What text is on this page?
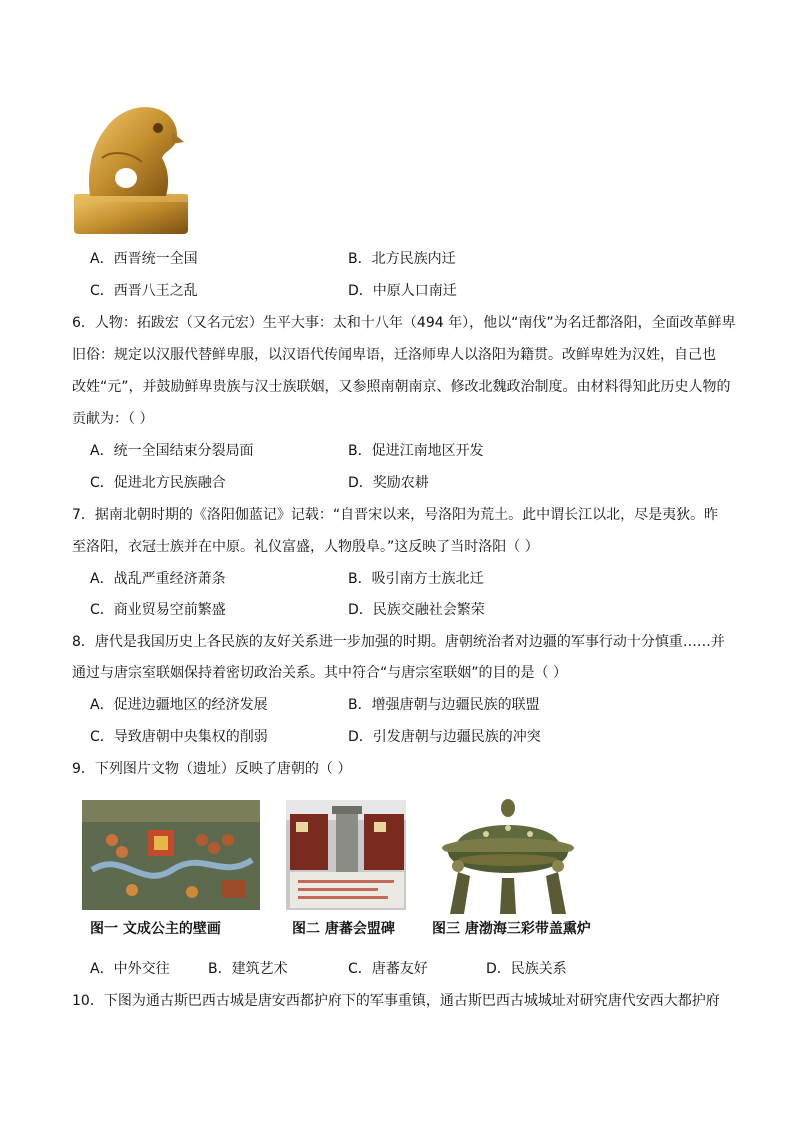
A．西晋统一全国	B．北方民族内迁
C．西晋八王之乱	D．中原人口南迁
6．人物：拓跋宏（又名元宏）生平大事：太和十八年（494 年），他以“南伐”为名迁都洛阳，全面改革鲜卑
旧俗：规定以汉服代替鲜卑服，以汉语代传闻卑语，迁洛师卑人以洛阳为籍贯。改鲜卑姓为汉姓，自己也
改姓“元”，并鼓励鲜卑贵族与汉士族联姻，又参照南朝南京、修改北魏政治制度。由材料得知此历史人物的
贡献为：（ ）
A．统一全国结束分裂局面	B．促进江南地区开发
C．促进北方民族融合	D．奖励农耕
7．据南北朝时期的《洛阳伽蓝记》记载：“自晋宋以来，号洛阳为荒土。此中谓长江以北，尽是夷狄。昨
至洛阳，衣冠士族并在中原。礼仪富盛，人物殷阜。”这反映了当时洛阳（ ）
A．战乱严重经济萧条	B．吸引南方士族北迁
C．商业贸易空前繁盛	D．民族交融社会繁荣
8．唐代是我国历史上各民族的友好关系进一步加强的时期。唐朝统治者对边疆的军事行动十分慎重……并
通过与唐宗室联姻保持着密切政治关系。其中符合“与唐宗室联姻”的目的是（ ）
A．促进边疆地区的经济发展	B．增强唐朝与边疆民族的联盟
C．导致唐朝中央集权的削弱	D．引发唐朝与边疆民族的冲突
9．下列图片文物（遗址）反映了唐朝的（ ）
图一 文成公主的壁画	图二 唐蕃会盟碑	图三 唐渤海三彩带盖熏炉
A．中外交往	B．建筑艺术	C．唐蕃友好	D．民族关系
10．下图为通古斯巴西古城是唐安西都护府下的军事重镇，通古斯巴西古城城址对研究唐代安西大都护府
